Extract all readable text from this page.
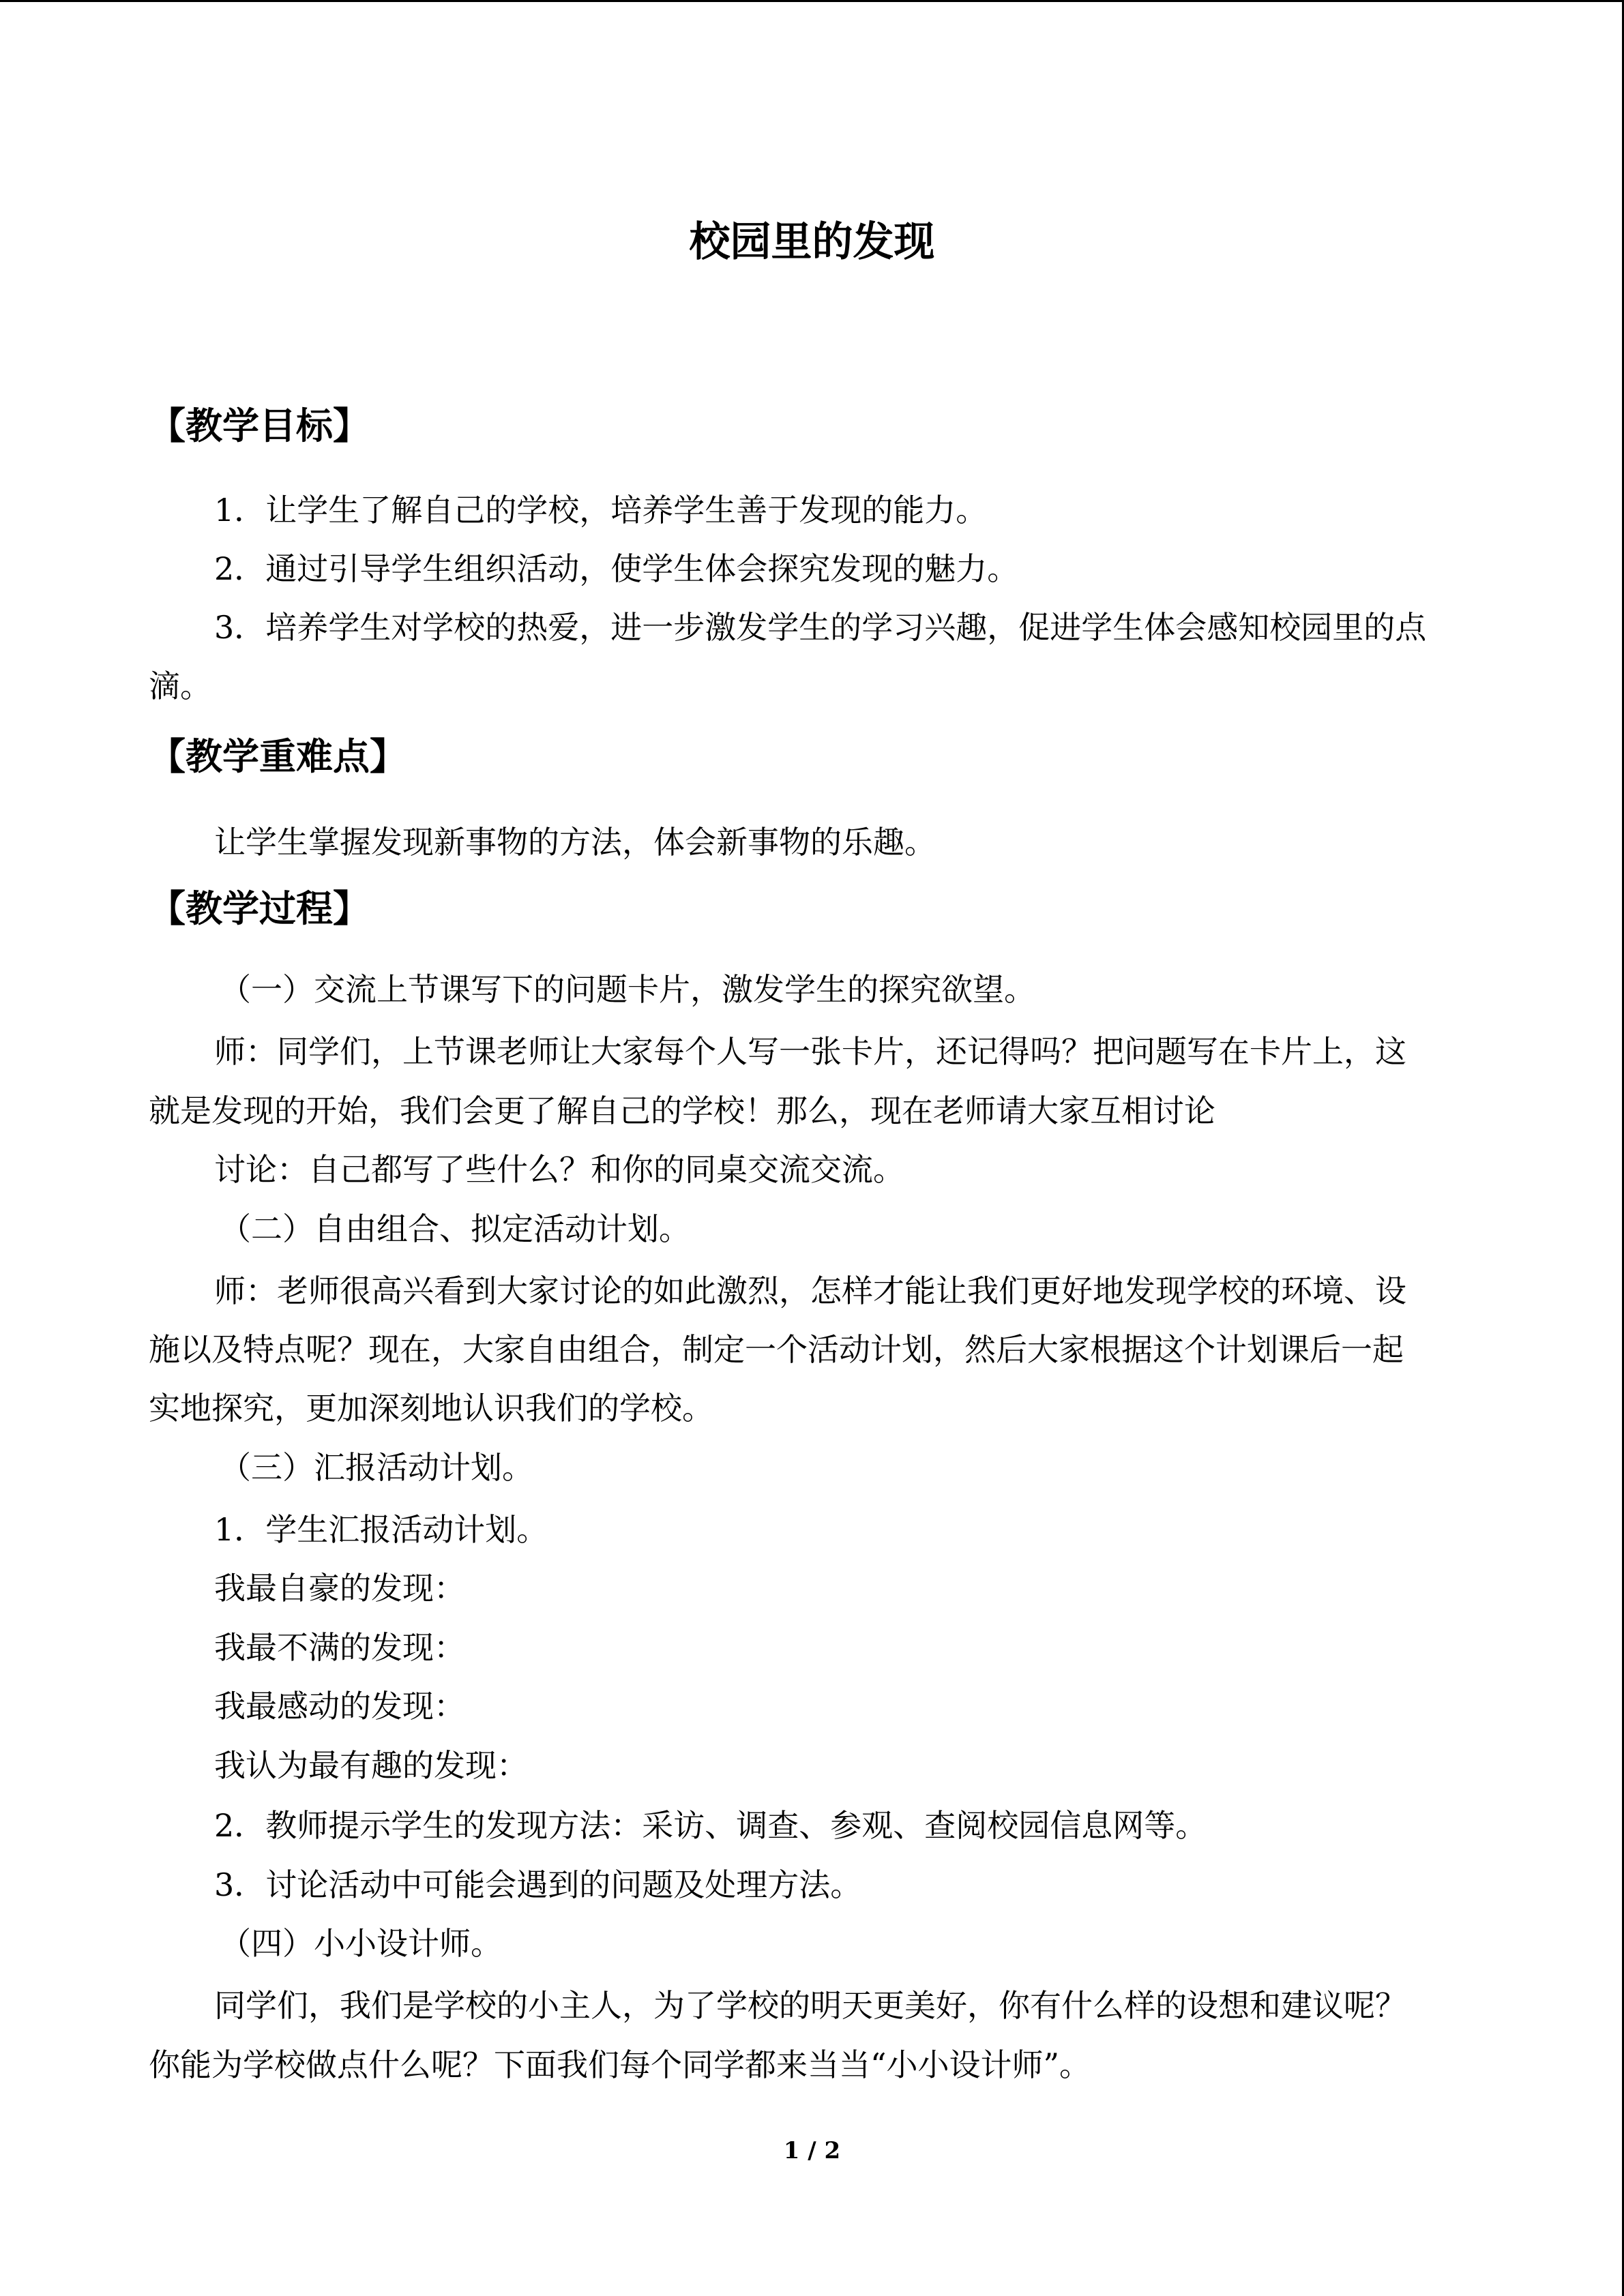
校园里的发现
【教学目标】
1．让学生了解自己的学校，培养学生善于发现的能力。
2．通过引导学生组织活动，使学生体会探究发现的魅力。
3．培养学生对学校的热爱，进一步激发学生的学习兴趣，促进学生体会感知校园里的点
滴。
【教学重难点】
让学生掌握发现新事物的方法，体会新事物的乐趣。
【教学过程】
（一）交流上节课写下的问题卡片，激发学生的探究欲望。
师：同学们，上节课老师让大家每个人写一张卡片，还记得吗？把问题写在卡片上，这
就是发现的开始，我们会更了解自己的学校！那么，现在老师请大家互相讨论
讨论：自己都写了些什么？和你的同桌交流交流。
（二）自由组合、拟定活动计划。
师：老师很高兴看到大家讨论的如此激烈，怎样才能让我们更好地发现学校的环境、设
施以及特点呢？现在，大家自由组合，制定一个活动计划，然后大家根据这个计划课后一起
实地探究，更加深刻地认识我们的学校。
（三）汇报活动计划。
1．学生汇报活动计划。
我最自豪的发现：
我最不满的发现：
我最感动的发现：
我认为最有趣的发现：
2．教师提示学生的发现方法：采访、调查、参观、查阅校园信息网等。
3．讨论活动中可能会遇到的问题及处理方法。
（四）小小设计师。
同学们，我们是学校的小主人，为了学校的明天更美好，你有什么样的设想和建议呢？
你能为学校做点什么呢？下面我们每个同学都来当当“小小设计师”。
1 / 2
